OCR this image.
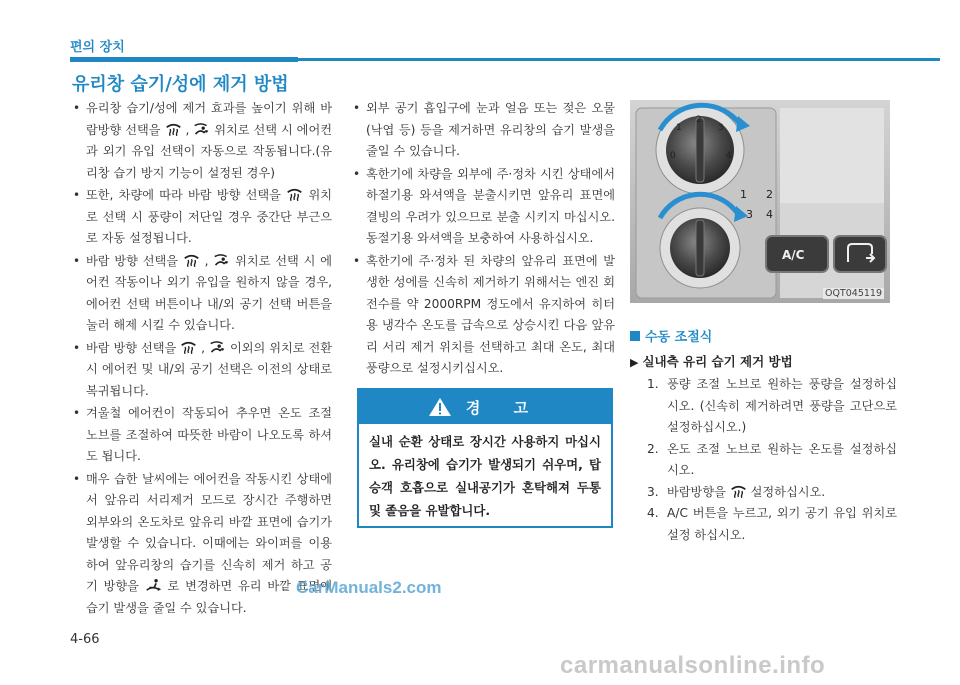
편의 장치
유리창 습기/성에 제거 방법
• 유리창 습기/성에 제거 효과를 높이기 위해 바람방향 선택을  ,  위치로 선택 시 에어컨과 외기 유입 선택이 자동으로 작동됩니다.(유리창 습기 방지 기능이 설정된 경우)
• 또한, 차량에 따라 바람 방향 선택을  위치로 선택 시 풍량이 저단일 경우 중간단 부근으로 자동 설정됩니다.
• 바람 방향 선택을  ,  위치로 선택 시 에어컨 작동이나 외기 유입을 원하지 않을 경우, 에어컨 선택 버튼이나 내/외 공기 선택 버튼을 눌러 해제 시킬 수 있습니다.
• 바람 방향 선택을  ,  이외의 위치로 전환시 에어컨 및 내/외 공기 선택은 이전의 상태로 복귀됩니다.
• 겨울철 에어컨이 작동되어 추우면 온도 조절 노브를 조절하여 따뜻한 바람이 나오도록 하셔도 됩니다.
• 매우 습한 날씨에는 에어컨을 작동시킨 상태에서 앞유리 서리제거 모드로 장시간 주행하면 외부와의 온도차로 앞유리 바깥 표면에 습기가 발생할 수 있습니다. 이때에는 와이퍼를 이용하여 앞유리창의 습기를 신속히 제거 하고 공기 방향을  로 변경하면 유리 바깥 표면에 습기 발생을 줄일 수 있습니다.
• 외부 공기 흡입구에 눈과 얼음 또는 젖은 오물(낙엽 등) 등을 제거하면 유리창의 습기 발생을 줄일 수 있습니다.
• 혹한기에 차량을 외부에 주·정차 시킨 상태에서 하절기용 와셔액을 분출시키면 앞유리 표면에 결빙의 우려가 있으므로 분출 시키지 마십시오. 동절기용 와셔액을 보충하여 사용하십시오.
• 혹한기에 주·정차 된 차량의 앞유리 표면에 발생한 성에를 신속히 제거하기 위해서는 엔진 회전수를 약 2000RPM 정도에서 유지하여 히터용 냉각수 온도를 급속으로 상승시킨 다음 앞유리 서리 제거 위치를 선택하고 최대 온도, 최대 풍량으로 설정시키십시오.
경 고
실내 순환 상태로 장시간 사용하지 마십시오. 유리창에 습기가 발생되기 쉬우며, 탑승객 호흡으로 실내공기가 혼탁해져 두통 및 졸음을 유발합니다.
0
1
2
3
4
1 2
3 4
A/C
OQT045119
수동 조절식
▶ 실내측 유리 습기 제거 방법
1. 풍량 조절 노브로 원하는 풍량을 설정하십시오. (신속히 제거하려면 풍량을 고단으로 설정하십시오.)
2. 온도 조절 노브로 원하는 온도를 설정하십시오.
3. 바람방향을  설정하십시오.
4. A/C 버튼을 누르고, 외기 공기 유입 위치로 설정 하십시오.
CarManuals2.com
4-66
carmanualsonline.info
